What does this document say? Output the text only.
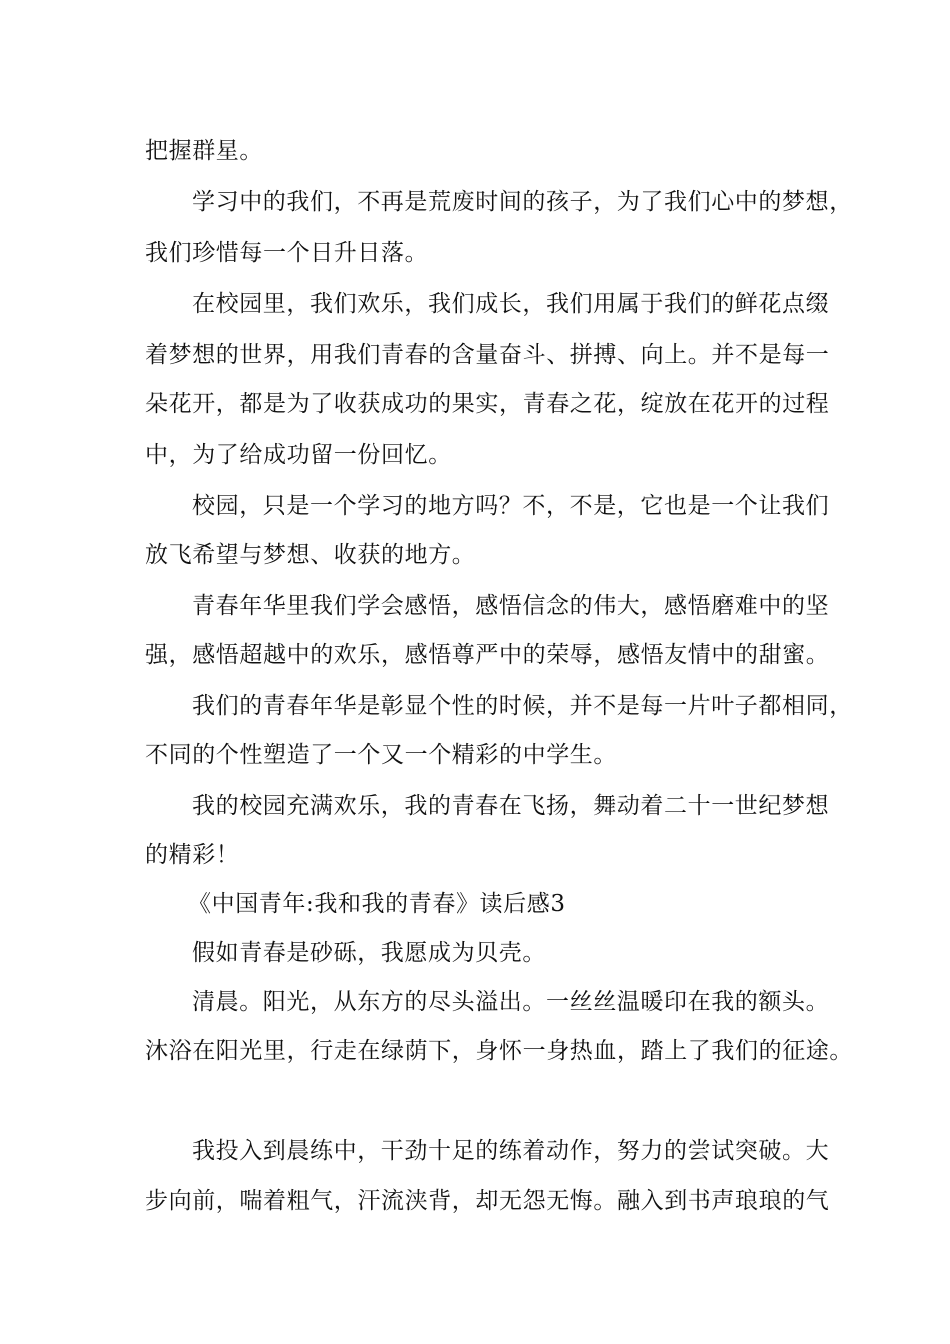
把握群星。
学习中的我们，不再是荒废时间的孩子，为了我们心中的梦想，
我们珍惜每一个日升日落。
在校园里，我们欢乐，我们成长，我们用属于我们的鲜花点缀
着梦想的世界，用我们青春的含量奋斗、拼搏、向上。并不是每一
朵花开，都是为了收获成功的果实，青春之花，绽放在花开的过程
中，为了给成功留一份回忆。
校园，只是一个学习的地方吗？不，不是，它也是一个让我们
放飞希望与梦想、收获的地方。
青春年华里我们学会感悟，感悟信念的伟大，感悟磨难中的坚
强，感悟超越中的欢乐，感悟尊严中的荣辱，感悟友情中的甜蜜。
我们的青春年华是彰显个性的时候，并不是每一片叶子都相同，
不同的个性塑造了一个又一个精彩的中学生。
我的校园充满欢乐，我的青春在飞扬，舞动着二十一世纪梦想
的精彩！
《中国青年:我和我的青春》读后感3
假如青春是砂砾，我愿成为贝壳。
清晨。阳光，从东方的尽头溢出。一丝丝温暖印在我的额头。
沐浴在阳光里，行走在绿荫下，身怀一身热血，踏上了我们的征途。
我投入到晨练中，干劲十足的练着动作，努力的尝试突破。大
步向前，喘着粗气，汗流浃背，却无怨无悔。融入到书声琅琅的气
